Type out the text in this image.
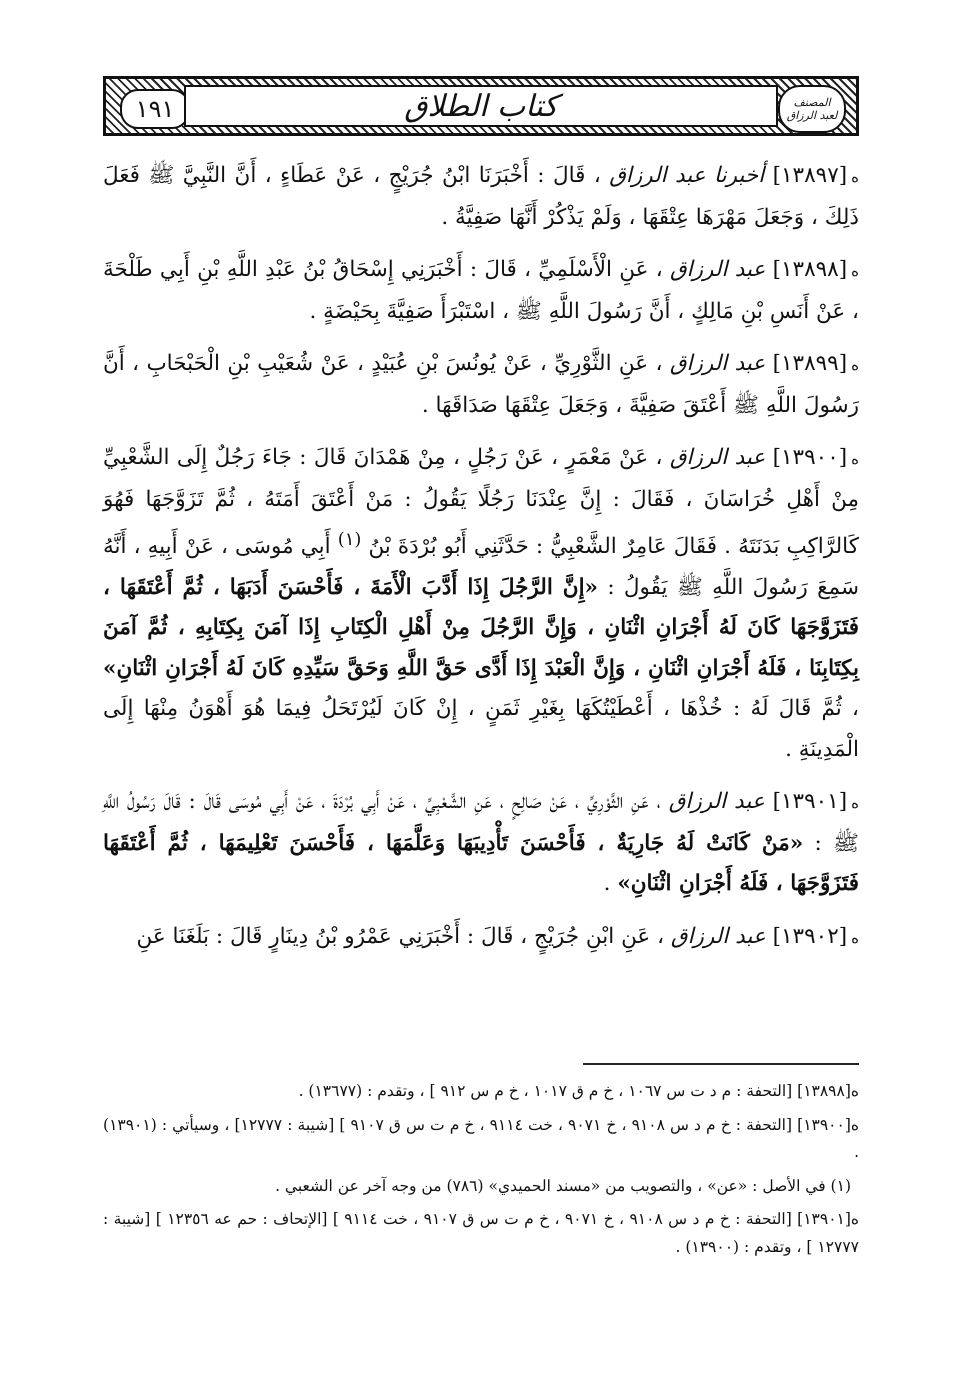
١٩١	كتاب الطلاق	المصنف
لعبد الرزاق

ه[١٣٨٩٧] أخبرنا عبد الرزاق ، قَالَ : أَخْبَرَنَا ابْنُ جُرَيْجٍ ، عَنْ عَطَاءٍ ، أَنَّ النَّبِيَّ ﷺ فَعَلَ ذَلِكَ ، وَجَعَلَ مَهْرَهَا عِتْقَهَا ، وَلَمْ يَذْكُرْ أَنَّهَا صَفِيَّةُ .

ه[١٣٨٩٨] عبد الرزاق ، عَنِ الْأَسْلَمِيِّ ، قَالَ : أَخْبَرَنِي إِسْحَاقُ بْنُ عَبْدِ اللَّهِ بْنِ أَبِي طَلْحَةَ ، عَنْ أَنَسِ بْنِ مَالِكٍ ، أَنَّ رَسُولَ اللَّهِ ﷺ ، اسْتَبْرَأَ صَفِيَّةَ بِحَيْضَةٍ .

ه[١٣٨٩٩] عبد الرزاق ، عَنِ الثَّوْرِيِّ ، عَنْ يُونُسَ بْنِ عُبَيْدٍ ، عَنْ شُعَيْبِ بْنِ الْحَبْحَابِ ، أَنَّ رَسُولَ اللَّهِ ﷺ أَعْتَقَ صَفِيَّةَ ، وَجَعَلَ عِتْقَهَا صَدَاقَهَا .

ه[١٣٩٠٠] عبد الرزاق ، عَنْ مَعْمَرٍ ، عَنْ رَجُلٍ ، مِنْ هَمْدَانَ قَالَ : جَاءَ رَجُلٌ إِلَى الشَّعْبِيِّ مِنْ أَهْلِ خُرَاسَانَ ، فَقَالَ : إِنَّ عِنْدَنَا رَجُلًا يَقُولُ : مَنْ أَعْتَقَ أَمَتَهُ ، ثُمَّ تَزَوَّجَهَا فَهُوَ كَالرَّاكِبِ بَدَنَتَهُ . فَقَالَ عَامِرٌ الشَّعْبِيُّ : حَدَّثَنِي أَبُو بُرْدَةَ بْنُ $^{(١)}$ أَبِي مُوسَى ، عَنْ أَبِيهِ ، أَنَّهُ سَمِعَ رَسُولَ اللَّهِ ﷺ يَقُولُ : «إِنَّ الرَّجُلَ إِذَا أَدَّبَ الْأَمَةَ ، فَأَحْسَنَ أَدَبَهَا ، ثُمَّ أَعْتَقَهَا ، فَتَزَوَّجَهَا كَانَ لَهُ أَجْرَانِ اثْنَانِ ، وَإِنَّ الرَّجُلَ مِنْ أَهْلِ الْكِتَابِ إِذَا آمَنَ بِكِتَابِهِ ، ثُمَّ آمَنَ بِكِتَابِنَا ، فَلَهُ أَجْرَانِ اثْنَانِ ، وَإِنَّ الْعَبْدَ إِذَا أَدَّى حَقَّ اللَّهِ وَحَقَّ سَيِّدِهِ كَانَ لَهُ أَجْرَانِ اثْنَانِ» ، ثُمَّ قَالَ لَهُ : خُذْهَا ، أَعْطَيْتُكَهَا بِغَيْرِ ثَمَنٍ ، إِنْ كَانَ لَيُرْتَحَلُ فِيمَا هُوَ أَهْوَنُ مِنْهَا إِلَى الْمَدِينَةِ .

ه[١٣٩٠١] عبد الرزاق ، عَنِ الثَّوْرِيِّ ، عَنْ صَالِحٍ ، عَنِ الشَّعْبِيِّ ، عَنْ أَبِي بُرْدَةَ ، عَنْ أَبِي مُوسَى قَالَ : قَالَ رَسُولُ اللَّهِ ﷺ : «مَنْ كَانَتْ لَهُ جَارِيَةٌ ، فَأَحْسَنَ تَأْدِيبَهَا وَعَلَّمَهَا ، فَأَحْسَنَ تَعْلِيمَهَا ، ثُمَّ أَعْتَقَهَا فَتَزَوَّجَهَا ، فَلَهُ أَجْرَانِ اثْنَانِ» .

ه[١٣٩٠٢] عبد الرزاق ، عَنِ ابْنِ جُرَيْجٍ ، قَالَ : أَخْبَرَنِي عَمْرُو بْنُ دِينَارٍ قَالَ : بَلَغَنَا عَنِ

ه[١٣٨٩٨] [التحفة : م د ت س ١٠٦٧ ، خ م ق ١٠١٧ ، خ م س ٩١٢ ] ، وتقدم : (١٣٦٧٧) .

ه[١٣٩٠٠] [التحفة : خ م د س ٩١٠٨ ، خ ٩٠٧١ ، خت ٩١١٤ ، خ م ت س ق ٩١٠٧ ] [شيبة : ١٢٧٧٧] ، وسيأتي : (١٣٩٠١) .

(١) في الأصل : «عن» ، والتصويب من «مسند الحميدي» (٧٨٦) من وجه آخر عن الشعبي .

ه[١٣٩٠١] [التحفة : خ م د س ٩١٠٨ ، خ ٩٠٧١ ، خ م ت س ق ٩١٠٧ ، خت ٩١١٤ ] [الإتحاف : حم عه ١٢٣٥٦ ] [شيبة : ١٢٧٧٧ ] ، وتقدم : (١٣٩٠٠) .
